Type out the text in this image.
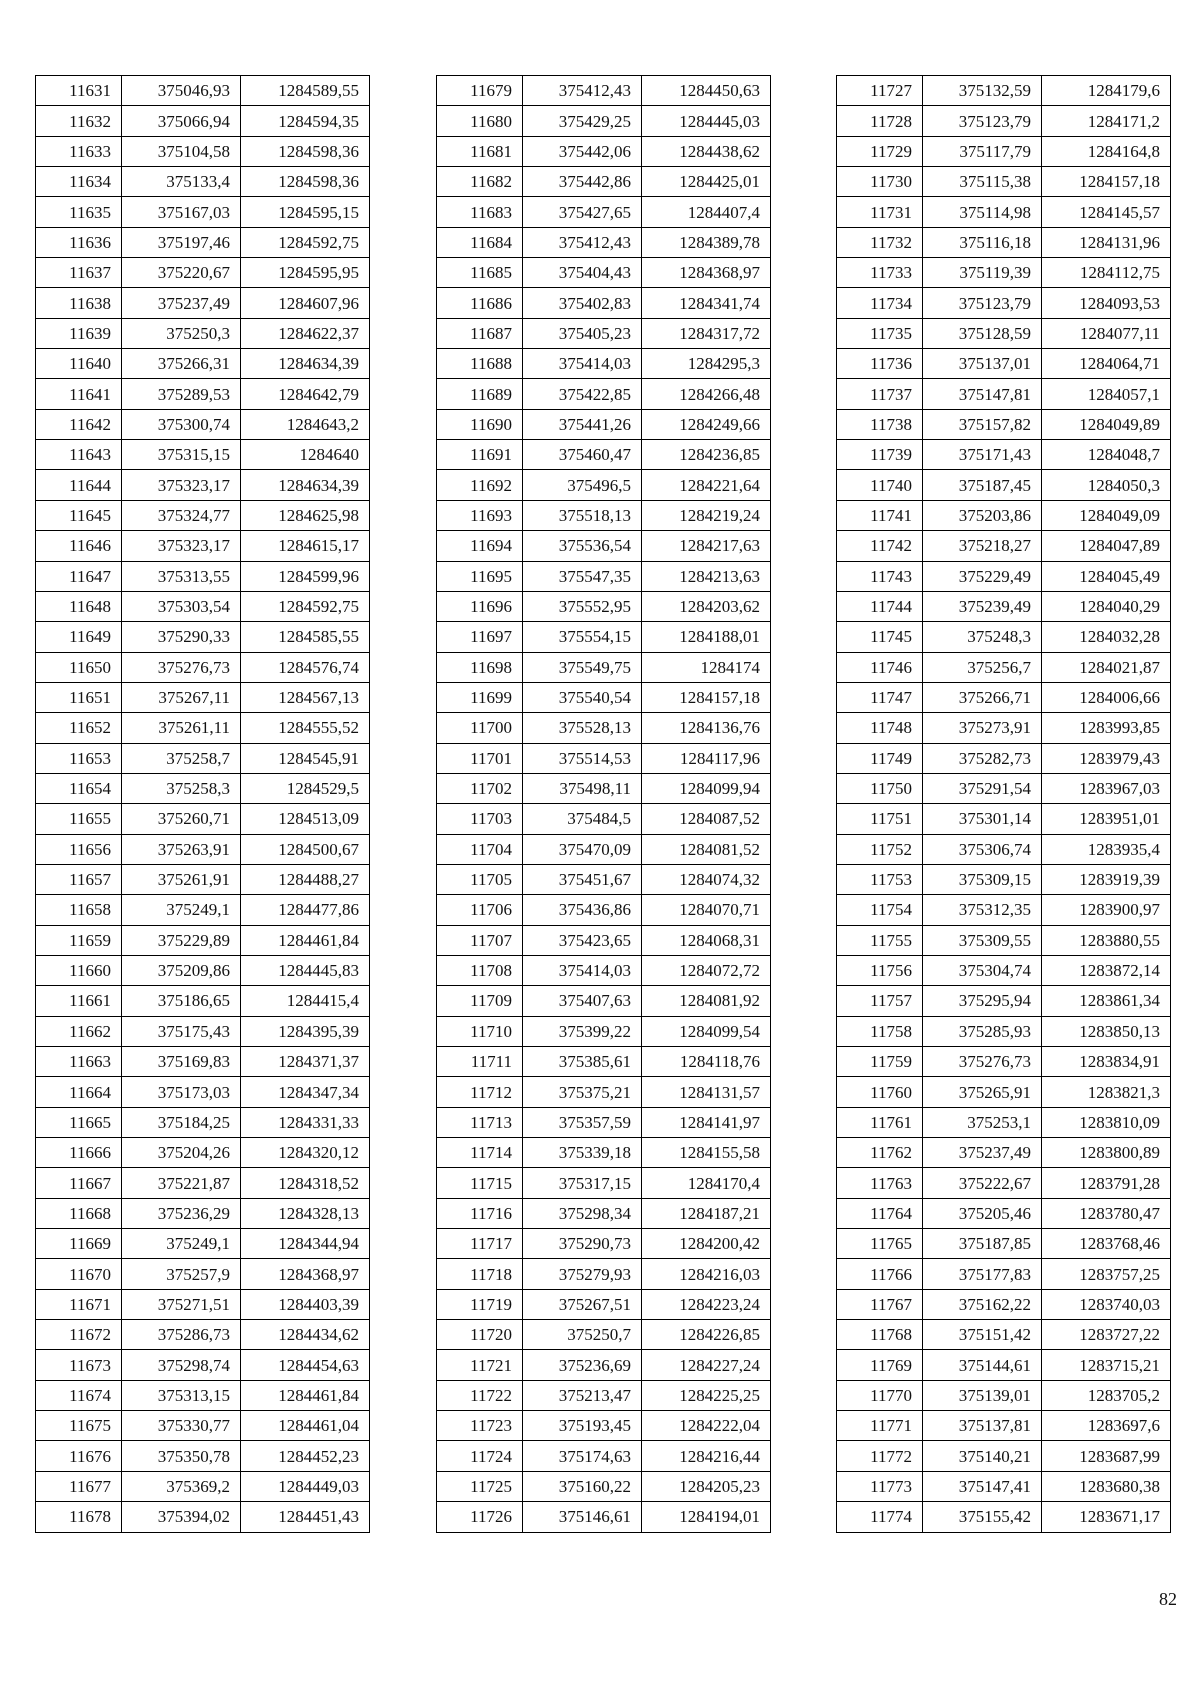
11631	375046,93	1284589,55
11632	375066,94	1284594,35
11633	375104,58	1284598,36
11634	375133,4	1284598,36
11635	375167,03	1284595,15
11636	375197,46	1284592,75
11637	375220,67	1284595,95
11638	375237,49	1284607,96
11639	375250,3	1284622,37
11640	375266,31	1284634,39
11641	375289,53	1284642,79
11642	375300,74	1284643,2
11643	375315,15	1284640
11644	375323,17	1284634,39
11645	375324,77	1284625,98
11646	375323,17	1284615,17
11647	375313,55	1284599,96
11648	375303,54	1284592,75
11649	375290,33	1284585,55
11650	375276,73	1284576,74
11651	375267,11	1284567,13
11652	375261,11	1284555,52
11653	375258,7	1284545,91
11654	375258,3	1284529,5
11655	375260,71	1284513,09
11656	375263,91	1284500,67
11657	375261,91	1284488,27
11658	375249,1	1284477,86
11659	375229,89	1284461,84
11660	375209,86	1284445,83
11661	375186,65	1284415,4
11662	375175,43	1284395,39
11663	375169,83	1284371,37
11664	375173,03	1284347,34
11665	375184,25	1284331,33
11666	375204,26	1284320,12
11667	375221,87	1284318,52
11668	375236,29	1284328,13
11669	375249,1	1284344,94
11670	375257,9	1284368,97
11671	375271,51	1284403,39
11672	375286,73	1284434,62
11673	375298,74	1284454,63
11674	375313,15	1284461,84
11675	375330,77	1284461,04
11676	375350,78	1284452,23
11677	375369,2	1284449,03
11678	375394,02	1284451,43
11679	375412,43	1284450,63
11680	375429,25	1284445,03
11681	375442,06	1284438,62
11682	375442,86	1284425,01
11683	375427,65	1284407,4
11684	375412,43	1284389,78
11685	375404,43	1284368,97
11686	375402,83	1284341,74
11687	375405,23	1284317,72
11688	375414,03	1284295,3
11689	375422,85	1284266,48
11690	375441,26	1284249,66
11691	375460,47	1284236,85
11692	375496,5	1284221,64
11693	375518,13	1284219,24
11694	375536,54	1284217,63
11695	375547,35	1284213,63
11696	375552,95	1284203,62
11697	375554,15	1284188,01
11698	375549,75	1284174
11699	375540,54	1284157,18
11700	375528,13	1284136,76
11701	375514,53	1284117,96
11702	375498,11	1284099,94
11703	375484,5	1284087,52
11704	375470,09	1284081,52
11705	375451,67	1284074,32
11706	375436,86	1284070,71
11707	375423,65	1284068,31
11708	375414,03	1284072,72
11709	375407,63	1284081,92
11710	375399,22	1284099,54
11711	375385,61	1284118,76
11712	375375,21	1284131,57
11713	375357,59	1284141,97
11714	375339,18	1284155,58
11715	375317,15	1284170,4
11716	375298,34	1284187,21
11717	375290,73	1284200,42
11718	375279,93	1284216,03
11719	375267,51	1284223,24
11720	375250,7	1284226,85
11721	375236,69	1284227,24
11722	375213,47	1284225,25
11723	375193,45	1284222,04
11724	375174,63	1284216,44
11725	375160,22	1284205,23
11726	375146,61	1284194,01
11727	375132,59	1284179,6
11728	375123,79	1284171,2
11729	375117,79	1284164,8
11730	375115,38	1284157,18
11731	375114,98	1284145,57
11732	375116,18	1284131,96
11733	375119,39	1284112,75
11734	375123,79	1284093,53
11735	375128,59	1284077,11
11736	375137,01	1284064,71
11737	375147,81	1284057,1
11738	375157,82	1284049,89
11739	375171,43	1284048,7
11740	375187,45	1284050,3
11741	375203,86	1284049,09
11742	375218,27	1284047,89
11743	375229,49	1284045,49
11744	375239,49	1284040,29
11745	375248,3	1284032,28
11746	375256,7	1284021,87
11747	375266,71	1284006,66
11748	375273,91	1283993,85
11749	375282,73	1283979,43
11750	375291,54	1283967,03
11751	375301,14	1283951,01
11752	375306,74	1283935,4
11753	375309,15	1283919,39
11754	375312,35	1283900,97
11755	375309,55	1283880,55
11756	375304,74	1283872,14
11757	375295,94	1283861,34
11758	375285,93	1283850,13
11759	375276,73	1283834,91
11760	375265,91	1283821,3
11761	375253,1	1283810,09
11762	375237,49	1283800,89
11763	375222,67	1283791,28
11764	375205,46	1283780,47
11765	375187,85	1283768,46
11766	375177,83	1283757,25
11767	375162,22	1283740,03
11768	375151,42	1283727,22
11769	375144,61	1283715,21
11770	375139,01	1283705,2
11771	375137,81	1283697,6
11772	375140,21	1283687,99
11773	375147,41	1283680,38
11774	375155,42	1283671,17
82
